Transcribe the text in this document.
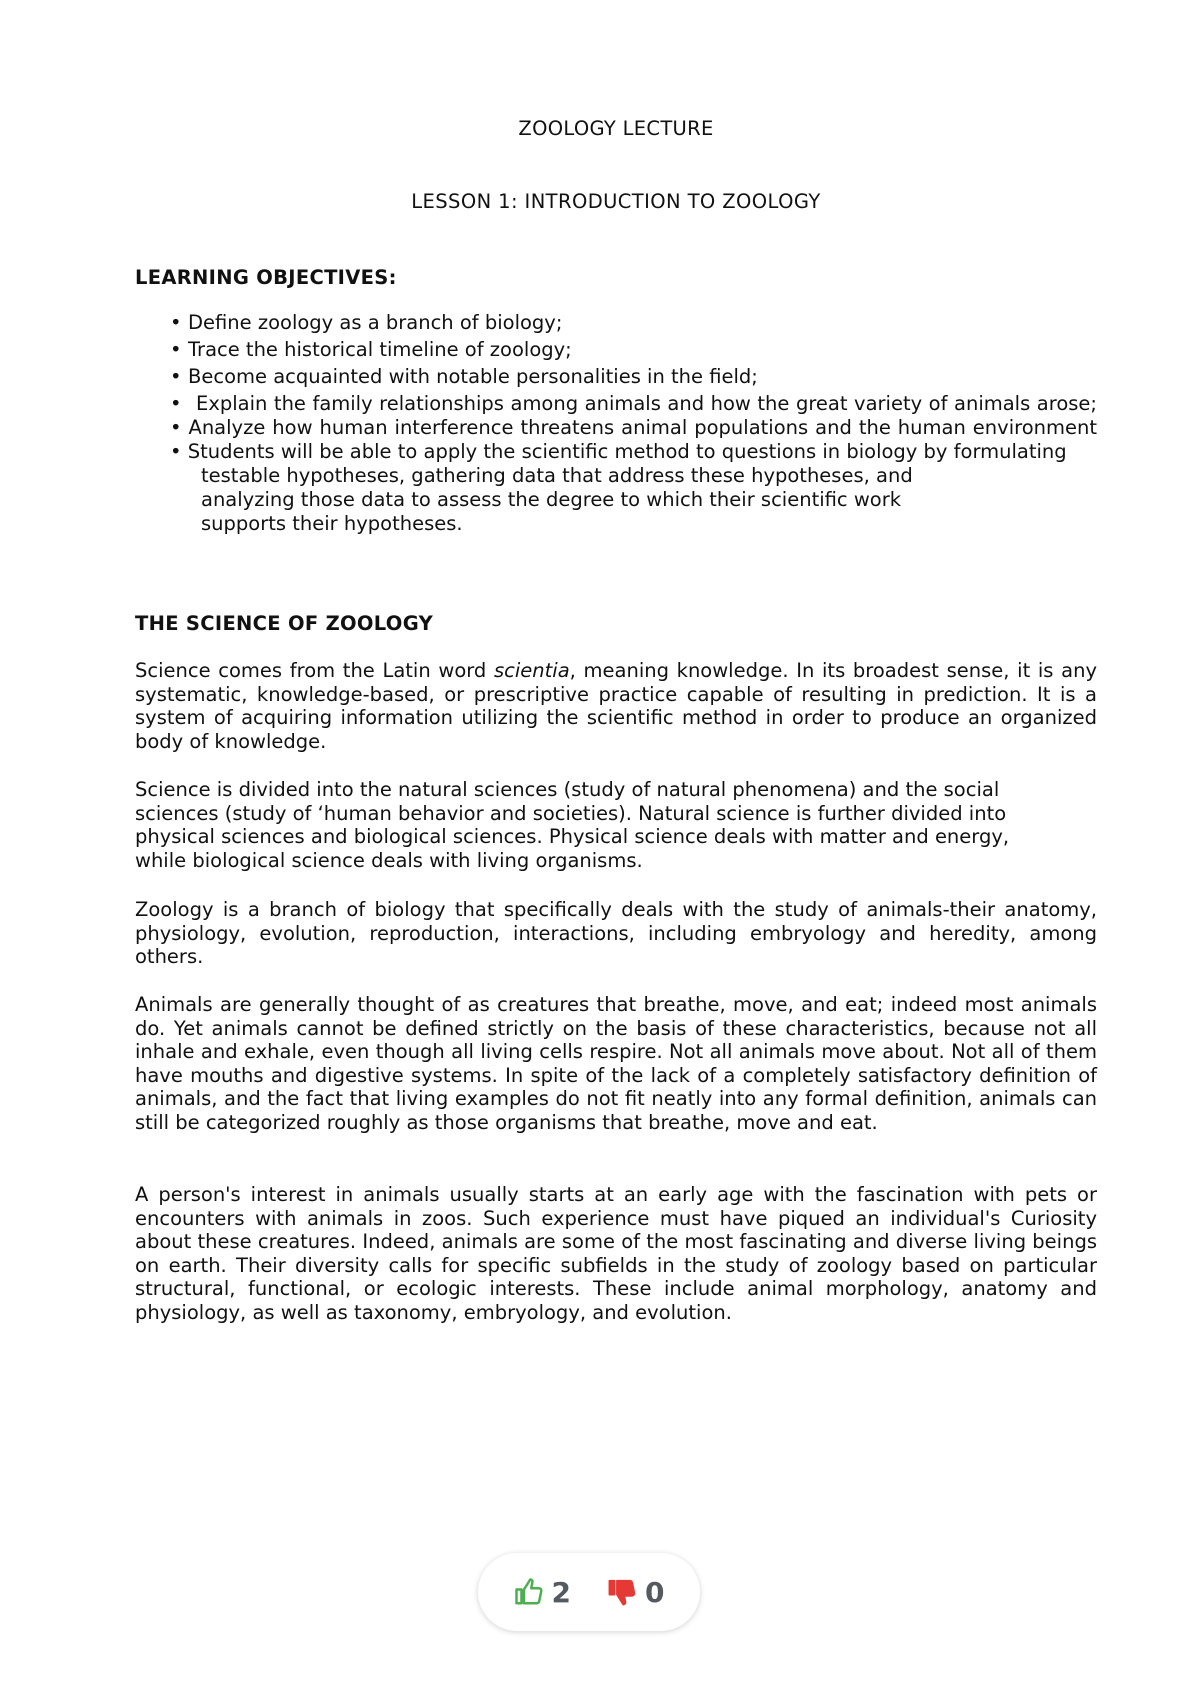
ZOOLOGY LECTURE
LESSON 1: INTRODUCTION TO ZOOLOGY
LEARNING OBJECTIVES:
• Define zoology as a branch of biology;
• Trace the historical timeline of zoology;
• Become acquainted with notable personalities in the field;
• Explain the family relationships among animals and how the great variety of animals arose; • Analyze how human interference threatens animal populations and the human environment • Students will be able to apply the scientific method to questions in biology by formulating
testable hypotheses, gathering data that address these hypotheses, and analyzing those data to assess the degree to which their scientific work supports their hypotheses.
THE SCIENCE OF ZOOLOGY
Science comes from the Latin word scientia, meaning knowledge. In its broadest sense, it is any systematic, knowledge-based, or prescriptive practice capable of resulting in prediction. It is a system of acquiring information utilizing the scientific method in order to produce an organized body of knowledge.
Science is divided into the natural sciences (study of natural phenomena) and the social sciences (study of ‘human behavior and societies). Natural science is further divided into physical sciences and biological sciences. Physical science deals with matter and energy, while biological science deals with living organisms.
Zoology is a branch of biology that specifically deals with the study of animals-their anatomy, physiology, evolution, reproduction, interactions, including embryology and heredity, among others.
Animals are generally thought of as creatures that breathe, move, and eat; indeed most animals do. Yet animals cannot be defined strictly on the basis of these characteristics, because not all inhale and exhale, even though all living cells respire. Not all animals move about. Not all of them have mouths and digestive systems. In spite of the lack of a completely satisfactory definition of animals, and the fact that living examples do not fit neatly into any formal definition, animals can still be categorized roughly as those organisms that breathe, move and eat.
A person's interest in animals usually starts at an early age with the fascination with pets or encounters with animals in zoos. Such experience must have piqued an individual's Curiosity about these creatures. Indeed, animals are some of the most fascinating and diverse living beings on earth. Their diversity calls for specific subfields in the study of zoology based on particular structural, functional, or ecologic interests. These include animal morphology, anatomy and physiology, as well as taxonomy, embryology, and evolution.
2	0
